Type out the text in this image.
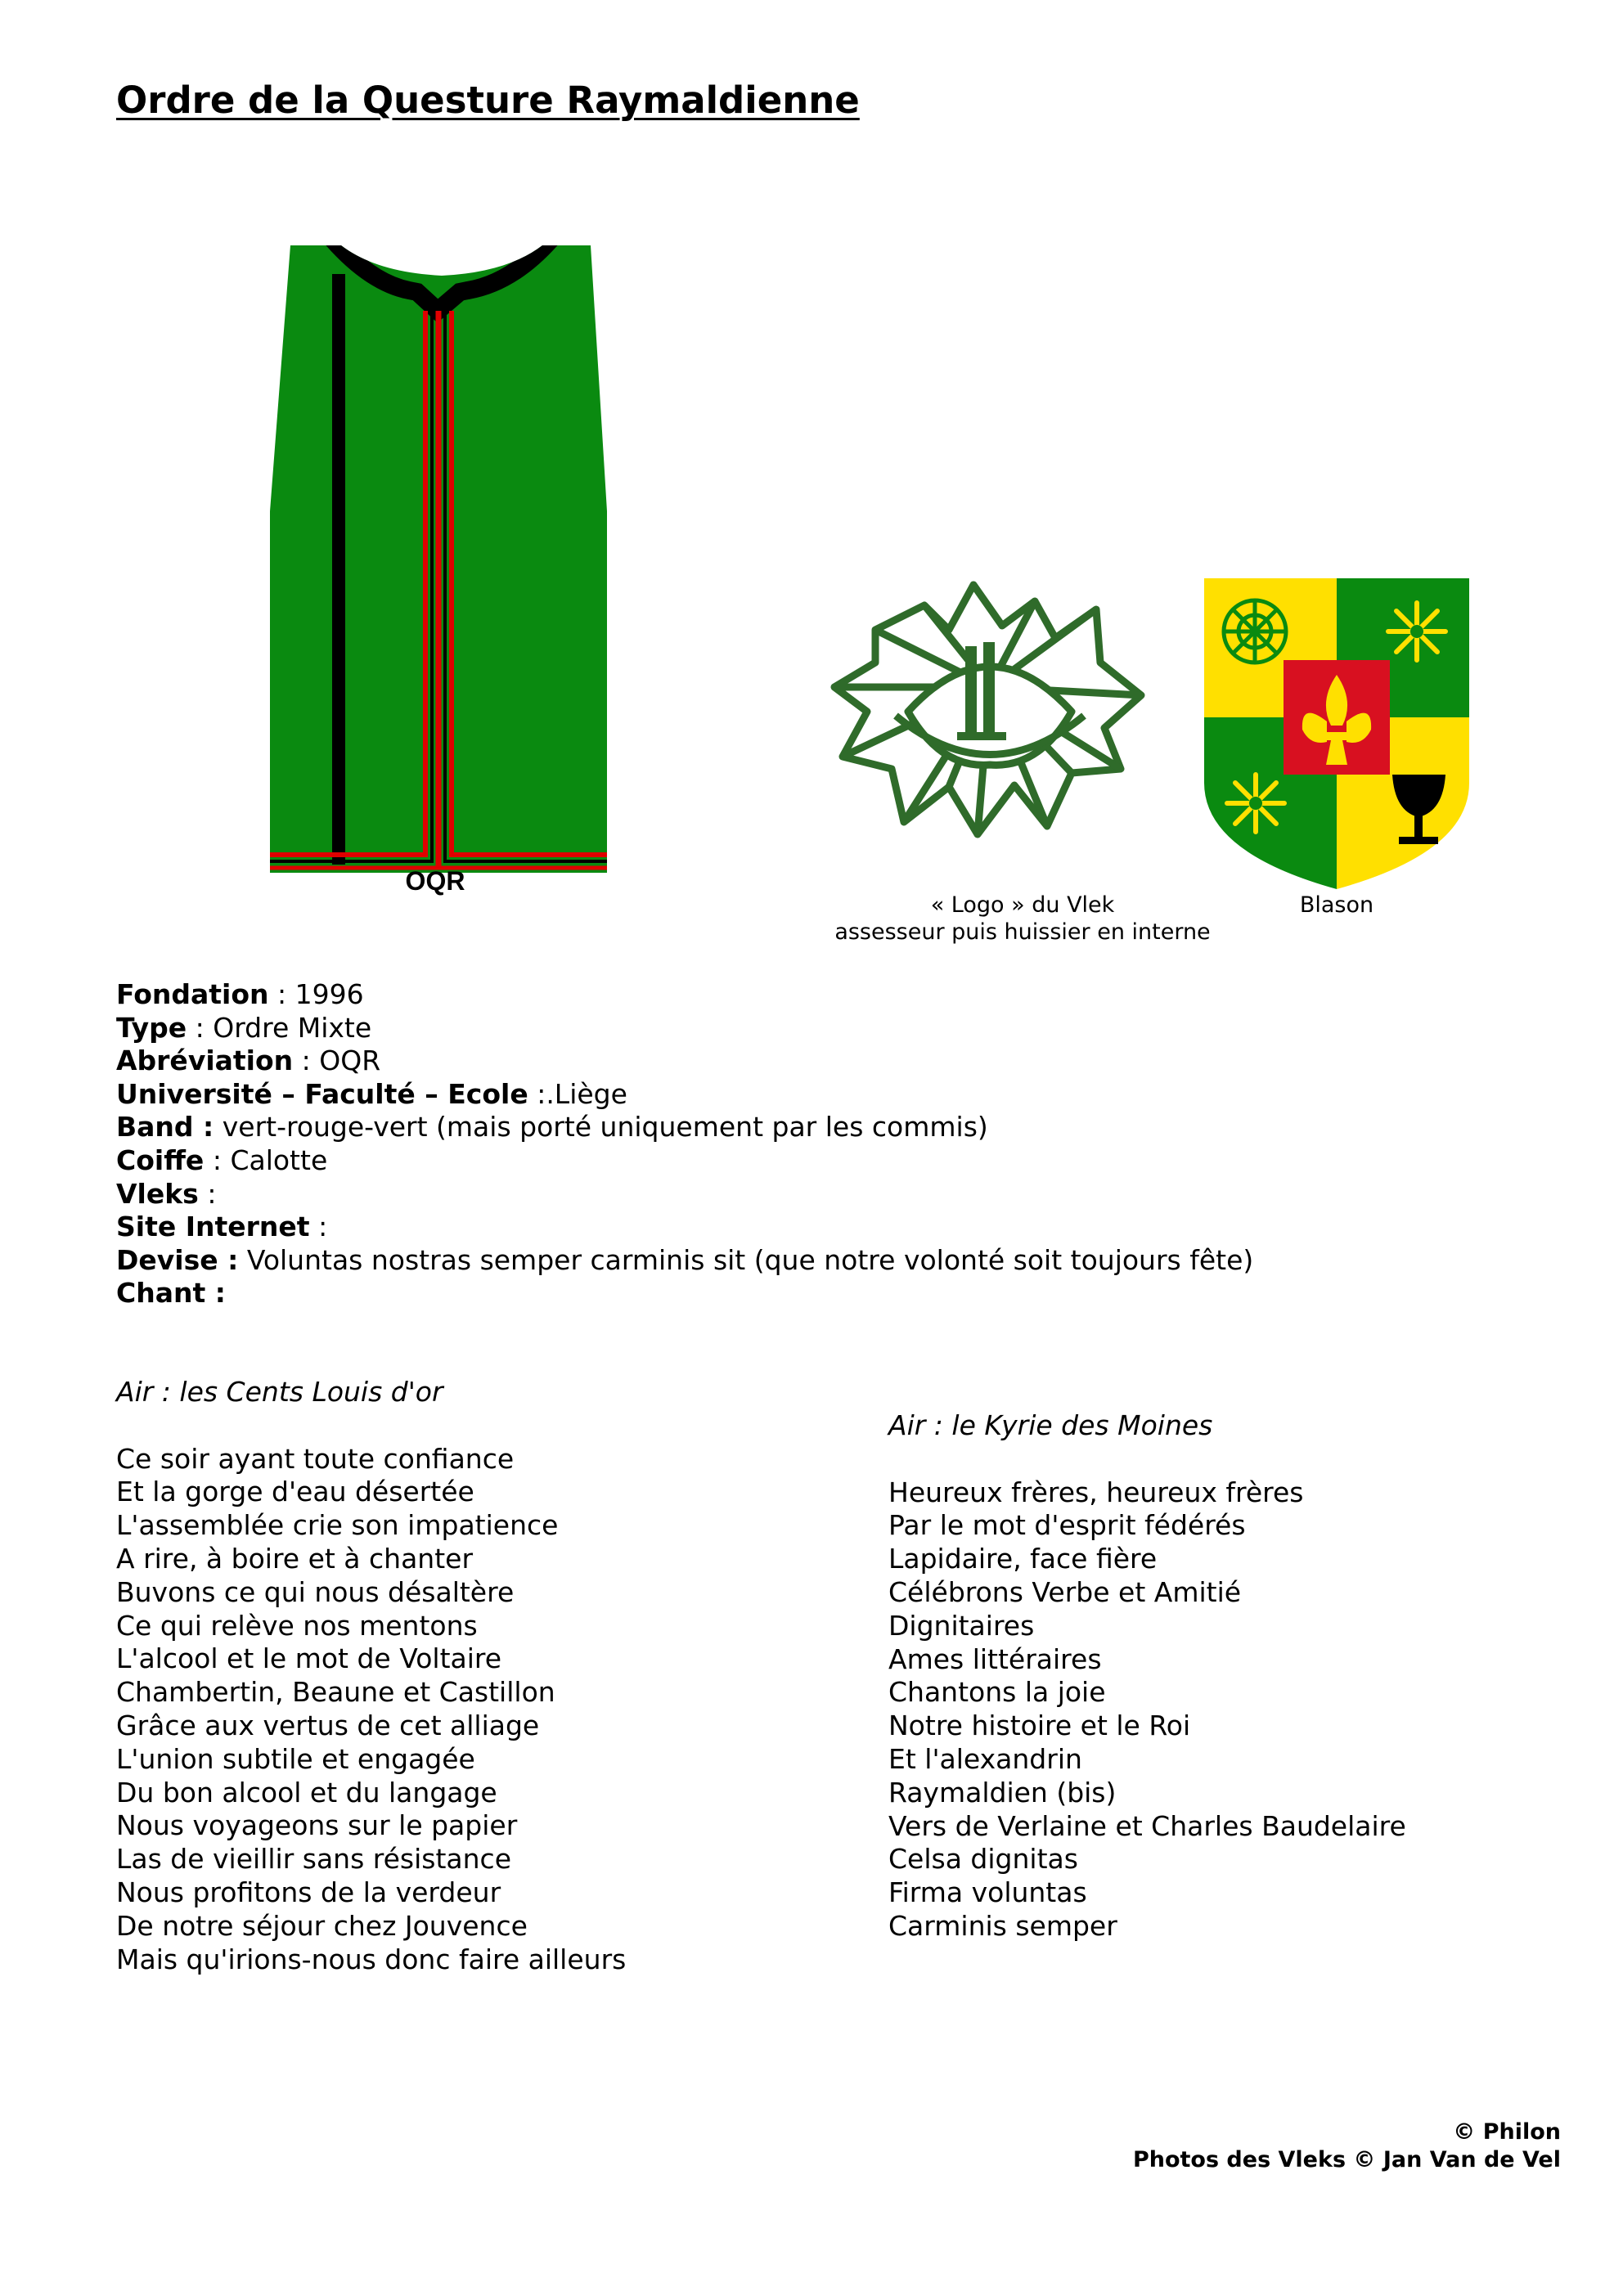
Ordre de la Questure Raymaldienne
OQR
« Logo » du Vlek
assesseur puis huissier en interne
Blason
Fondation : 1996
Type : Ordre Mixte
Abréviation : OQR
Université – Faculté – Ecole :.Liège
Band : vert-rouge-vert (mais porté uniquement par les commis)
Coiffe : Calotte
Vleks :
Site Internet :
Devise : Voluntas nostras semper carminis sit (que notre volonté soit toujours fête)
Chant :
Air : les Cents Louis d'or
Ce soir ayant toute confiance
Et la gorge d'eau désertée
L'assemblée crie son impatience
A rire, à boire et à chanter
Buvons ce qui nous désaltère
Ce qui relève nos mentons
L'alcool et le mot de Voltaire
Chambertin, Beaune et Castillon
Grâce aux vertus de cet alliage
L'union subtile et engagée
Du bon alcool et du langage
Nous voyageons sur le papier
Las de vieillir sans résistance
Nous profitons de la verdeur
De notre séjour chez Jouvence
Mais qu'irions-nous donc faire ailleurs
Air : le Kyrie des Moines
Heureux frères, heureux frères
Par le mot d'esprit fédérés
Lapidaire, face fière
Célébrons Verbe et Amitié
Dignitaires
Ames littéraires
Chantons la joie
Notre histoire et le Roi
Et l'alexandrin
Raymaldien (bis)
Vers de Verlaine et Charles Baudelaire
Celsa dignitas
Firma voluntas
Carminis semper
© Philon
Photos des Vleks © Jan Van de Vel
